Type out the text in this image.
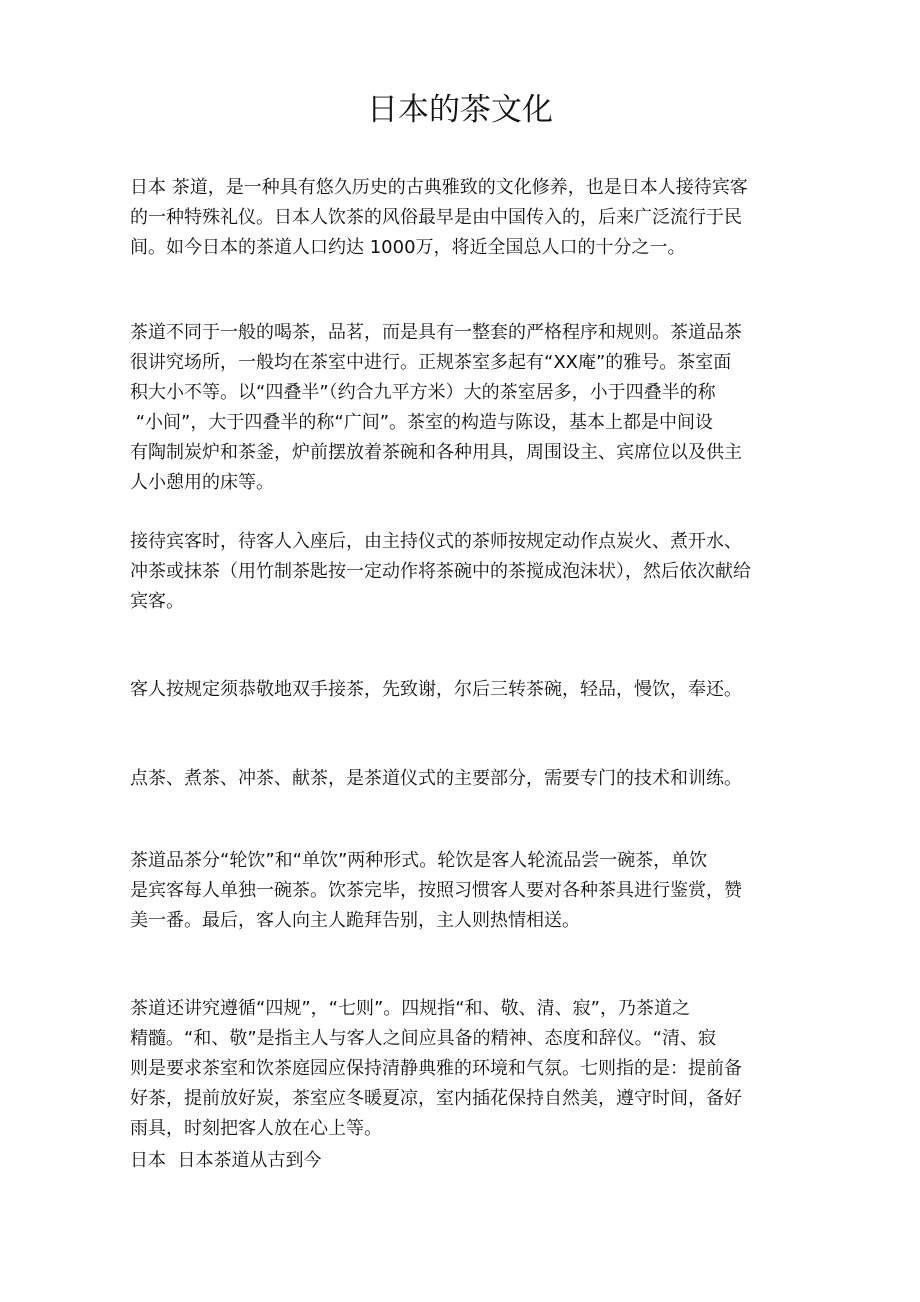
日本的茶文化
日本 茶道，是一种具有悠久历史的古典雅致的文化修养，也是日本人接待宾客
的一种特殊礼仪。日本人饮茶的风俗最早是由中国传入的，后来广泛流行于民
间。如今日本的茶道人口约达 1000万，将近全国总人口的十分之一。
茶道不同于一般的喝茶，品茗，而是具有一整套的严格程序和规则。茶道品茶
很讲究场所，一般均在茶室中进行。正规茶室多起有“XX庵”的雅号。茶室面
积大小不等。以“四叠半”（约合九平方米）大的茶室居多，小于四叠半的称
“小间”，大于四叠半的称“广间”。茶室的构造与陈设，基本上都是中间设
有陶制炭炉和茶釜，炉前摆放着茶碗和各种用具，周围设主、宾席位以及供主
人小憩用的床等。
接待宾客时，待客人入座后，由主持仪式的茶师按规定动作点炭火、煮开水、
冲茶或抹茶（用竹制茶匙按一定动作将茶碗中的茶搅成泡沫状），然后依次献给
宾客。
客人按规定须恭敬地双手接茶，先致谢，尔后三转茶碗，轻品，慢饮，奉还。
点茶、煮茶、冲茶、献茶，是茶道仪式的主要部分，需要专门的技术和训练。
茶道品茶分“轮饮”和“单饮”两种形式。轮饮是客人轮流品尝一碗茶，单饮
是宾客每人单独一碗茶。饮茶完毕，按照习惯客人要对各种茶具进行鉴赏，赞
美一番。最后，客人向主人跪拜告别，主人则热情相送。
茶道还讲究遵循“四规”，“七则”。四规指“和、敬、清、寂”，乃茶道之
精髓。“和、敬”是指主人与客人之间应具备的精神、态度和辞仪。“清、寂
则是要求茶室和饮茶庭园应保持清静典雅的环境和气氛。七则指的是：提前备
好茶，提前放好炭，茶室应冬暖夏凉，室内插花保持自然美，遵守时间，备好
雨具，时刻把客人放在心上等。
日本  日本茶道从古到今
